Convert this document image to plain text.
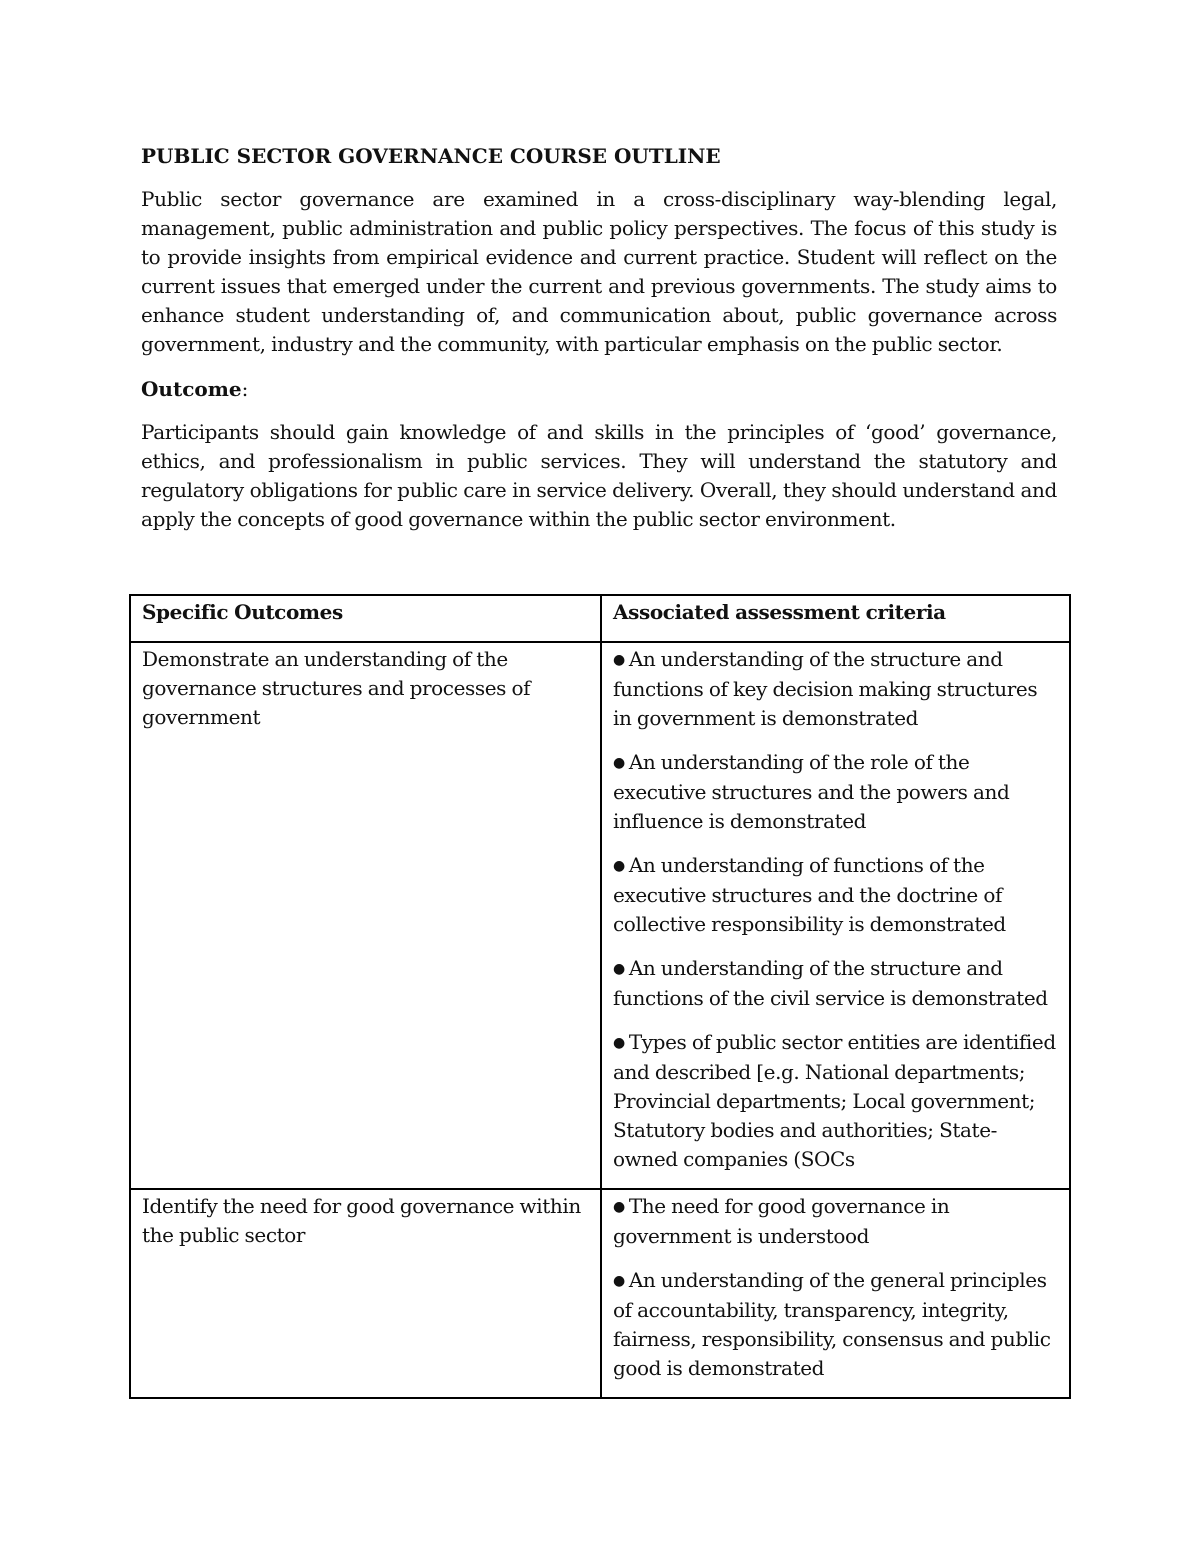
PUBLIC SECTOR GOVERNANCE COURSE OUTLINE

Public sector governance are examined in a cross-disciplinary way-blending legal, management, public administration and public policy perspectives. The focus of this study is to provide insights from empirical evidence and current practice. Student will reflect on the current issues that emerged under the current and previous governments. The study aims to enhance student understanding of, and communication about, public governance across government, industry and the community, with particular emphasis on the public sector.

Outcome:

Participants should gain knowledge of and skills in the principles of ‘good’ governance, ethics, and professionalism in public services. They will understand the statutory and regulatory obligations for public care in service delivery. Overall, they should understand and apply the concepts of good governance within the public sector environment.

Specific Outcomes	Associated assessment criteria
Demonstrate an understanding of the governance structures and processes of government	● An understanding of the structure and functions of key decision making structures in government is demonstrated
● An understanding of the role of the executive structures and the powers and influence is demonstrated
● An understanding of functions of the executive structures and the doctrine of collective responsibility is demonstrated
● An understanding of the structure and functions of the civil service is demonstrated
● Types of public sector entities are identified and described [e.g. National departments; Provincial departments; Local government; Statutory bodies and authorities; State-owned companies (SOCs

Identify the need for good governance within the public sector	● The need for good governance in government is understood
● An understanding of the general principles of accountability, transparency, integrity, fairness, responsibility, consensus and public good is demonstrated
